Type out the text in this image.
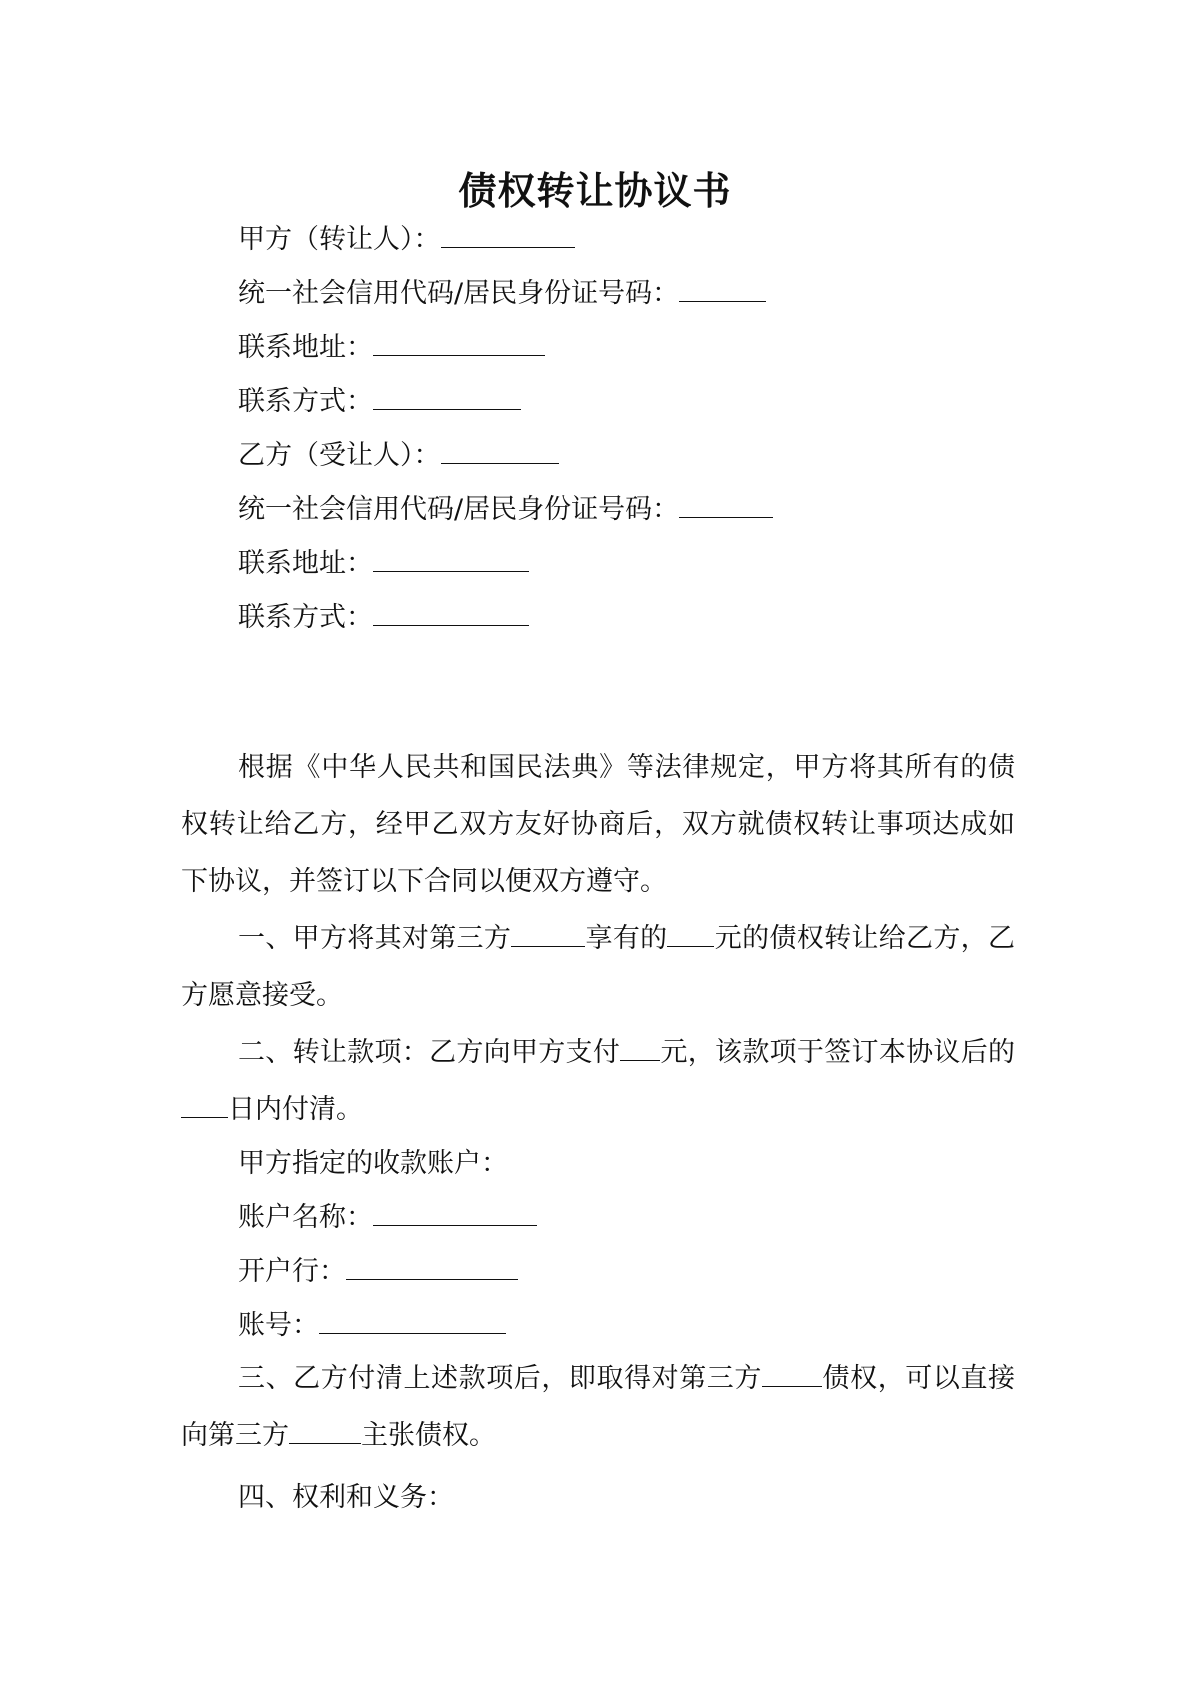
债权转让协议书

甲方（转让人）：

统一社会信用代码/居民身份证号码：

联系地址：

联系方式：

乙方（受让人）：

统一社会信用代码/居民身份证号码：

联系地址：

联系方式：

根据《中华人民共和国民法典》等法律规定，甲方将其所有的债权转让给乙方，经甲乙双方友好协商后，双方就债权转让事项达成如下协议，并签订以下合同以便双方遵守。

一、甲方将其对第三方	享有的 元的债权转让给乙方，乙方愿意接受。

二、转让款项：乙方向甲方支付 元，该款项于签订本协议后的日内付清。

甲方指定的收款账户：

账户名称：

开户行：

账号：

三、乙方付清上述款项后，即取得对第三方 债权，可以直接向第三方	主张债权。

四、权利和义务：
